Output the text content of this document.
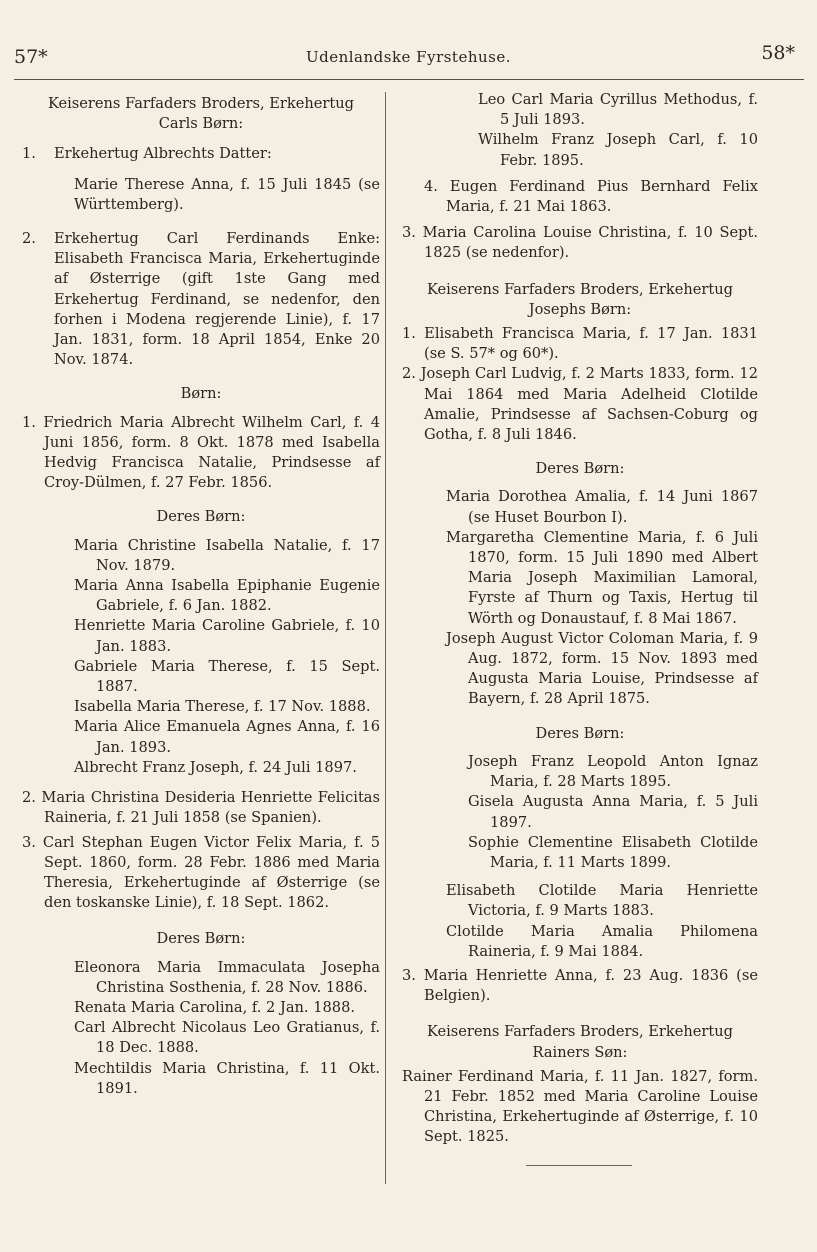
57*	Udenlandske Fyrstehuse.	58*
Keiserens Farfaders Broders, Erkehertug Carls Børn:
1. Erkehertug Albrechts Datter:

Marie Therese Anna, f. 15 Juli 1845 (se Württemberg).

2. Erkehertug Carl Ferdinands Enke: Elisabeth Francisca Maria, Erkehertuginde af Østerrige (gift 1ste Gang med Erkehertug Ferdinand, se nedenfor, den forhen i Modena regjerende Linie), f. 17 Jan. 1831, form. 18 April 1854, Enke 20 Nov. 1874.
Børn:

1. Friedrich Maria Albrecht Wilhelm Carl, f. 4 Juni 1856, form. 8 Okt. 1878 med Isabella Hedvig Francisca Natalie, Prindsesse af Croy-Dülmen, f. 27 Febr. 1856.

Deres Børn:

Maria Christine Isabella Natalie, f. 17 Nov. 1879.

Maria Anna Isabella Epiphanie Eugenie Gabriele, f. 6 Jan. 1882.

Henriette Maria Caroline Gabriele, f. 10 Jan. 1883.

Gabriele Maria Therese, f. 15 Sept. 1887.

Isabella Maria Therese, f. 17 Nov. 1888.

Maria Alice Emanuela Agnes Anna, f. 16 Jan. 1893.

Albrecht Franz Joseph, f. 24 Juli 1897.

2. Maria Christina Desideria Henriette Felicitas Raineria, f. 21 Juli 1858 (se Spanien).

3. Carl Stephan Eugen Victor Felix Maria, f. 5 Sept. 1860, form. 28 Febr. 1886 med Maria Theresia, Erkehertuginde af Østerrige (se den toskanske Linie), f. 18 Sept. 1862.

Deres Børn:

Eleonora Maria Immaculata Josepha Christina Sosthenia, f. 28 Nov. 1886.

Renata Maria Carolina, f. 2 Jan. 1888.

Carl Albrecht Nicolaus Leo Gratianus, f. 18 Dec. 1888.

Mechtildis Maria Christina, f. 11 Okt. 1891.

Leo Carl Maria Cyrillus Methodus, f. 5 Juli 1893.

Wilhelm Franz Joseph Carl, f. 10 Febr. 1895.

4. Eugen Ferdinand Pius Bernhard Felix Maria, f. 21 Mai 1863.

3. Maria Carolina Louise Christina, f. 10 Sept. 1825 (se nedenfor).

Keiserens Farfaders Broders, Erkehertug Josephs Børn:

1. Elisabeth Francisca Maria, f. 17 Jan. 1831 (se S. 57* og 60*).

2. Joseph Carl Ludvig, f. 2 Marts 1833, form. 12 Mai 1864 med Maria Adelheid Clotilde Amalie, Prindsesse af Sachsen-Coburg og Gotha, f. 8 Juli 1846.

Deres Børn:

Maria Dorothea Amalia, f. 14 Juni 1867 (se Huset Bourbon I).

Margaretha Clementine Maria, f. 6 Juli 1870, form. 15 Juli 1890 med Albert Maria Joseph Maximilian Lamoral, Fyrste af Thurn og Taxis, Hertug til Wörth og Donaustauf, f. 8 Mai 1867.

Joseph August Victor Coloman Maria, f. 9 Aug. 1872, form. 15 Nov. 1893 med Augusta Maria Louise, Prindsesse af Bayern, f. 28 April 1875.

Deres Børn:

Joseph Franz Leopold Anton Ignaz Maria, f. 28 Marts 1895.

Gisela Augusta Anna Maria, f. 5 Juli 1897.

Sophie Clementine Elisabeth Clotilde Maria, f. 11 Marts 1899.

Elisabeth Clotilde Maria Henriette Victoria, f. 9 Marts 1883.

Clotilde Maria Amalia Philomena Raineria, f. 9 Mai 1884.

3. Maria Henriette Anna, f. 23 Aug. 1836 (se Belgien).

Keiserens Farfaders Broders, Erkehertug Rainers Søn:

Rainer Ferdinand Maria, f. 11 Jan. 1827, form. 21 Febr. 1852 med Maria Caroline Louise Christina, Erkehertuginde af Østerrige, f. 10 Sept. 1825.
